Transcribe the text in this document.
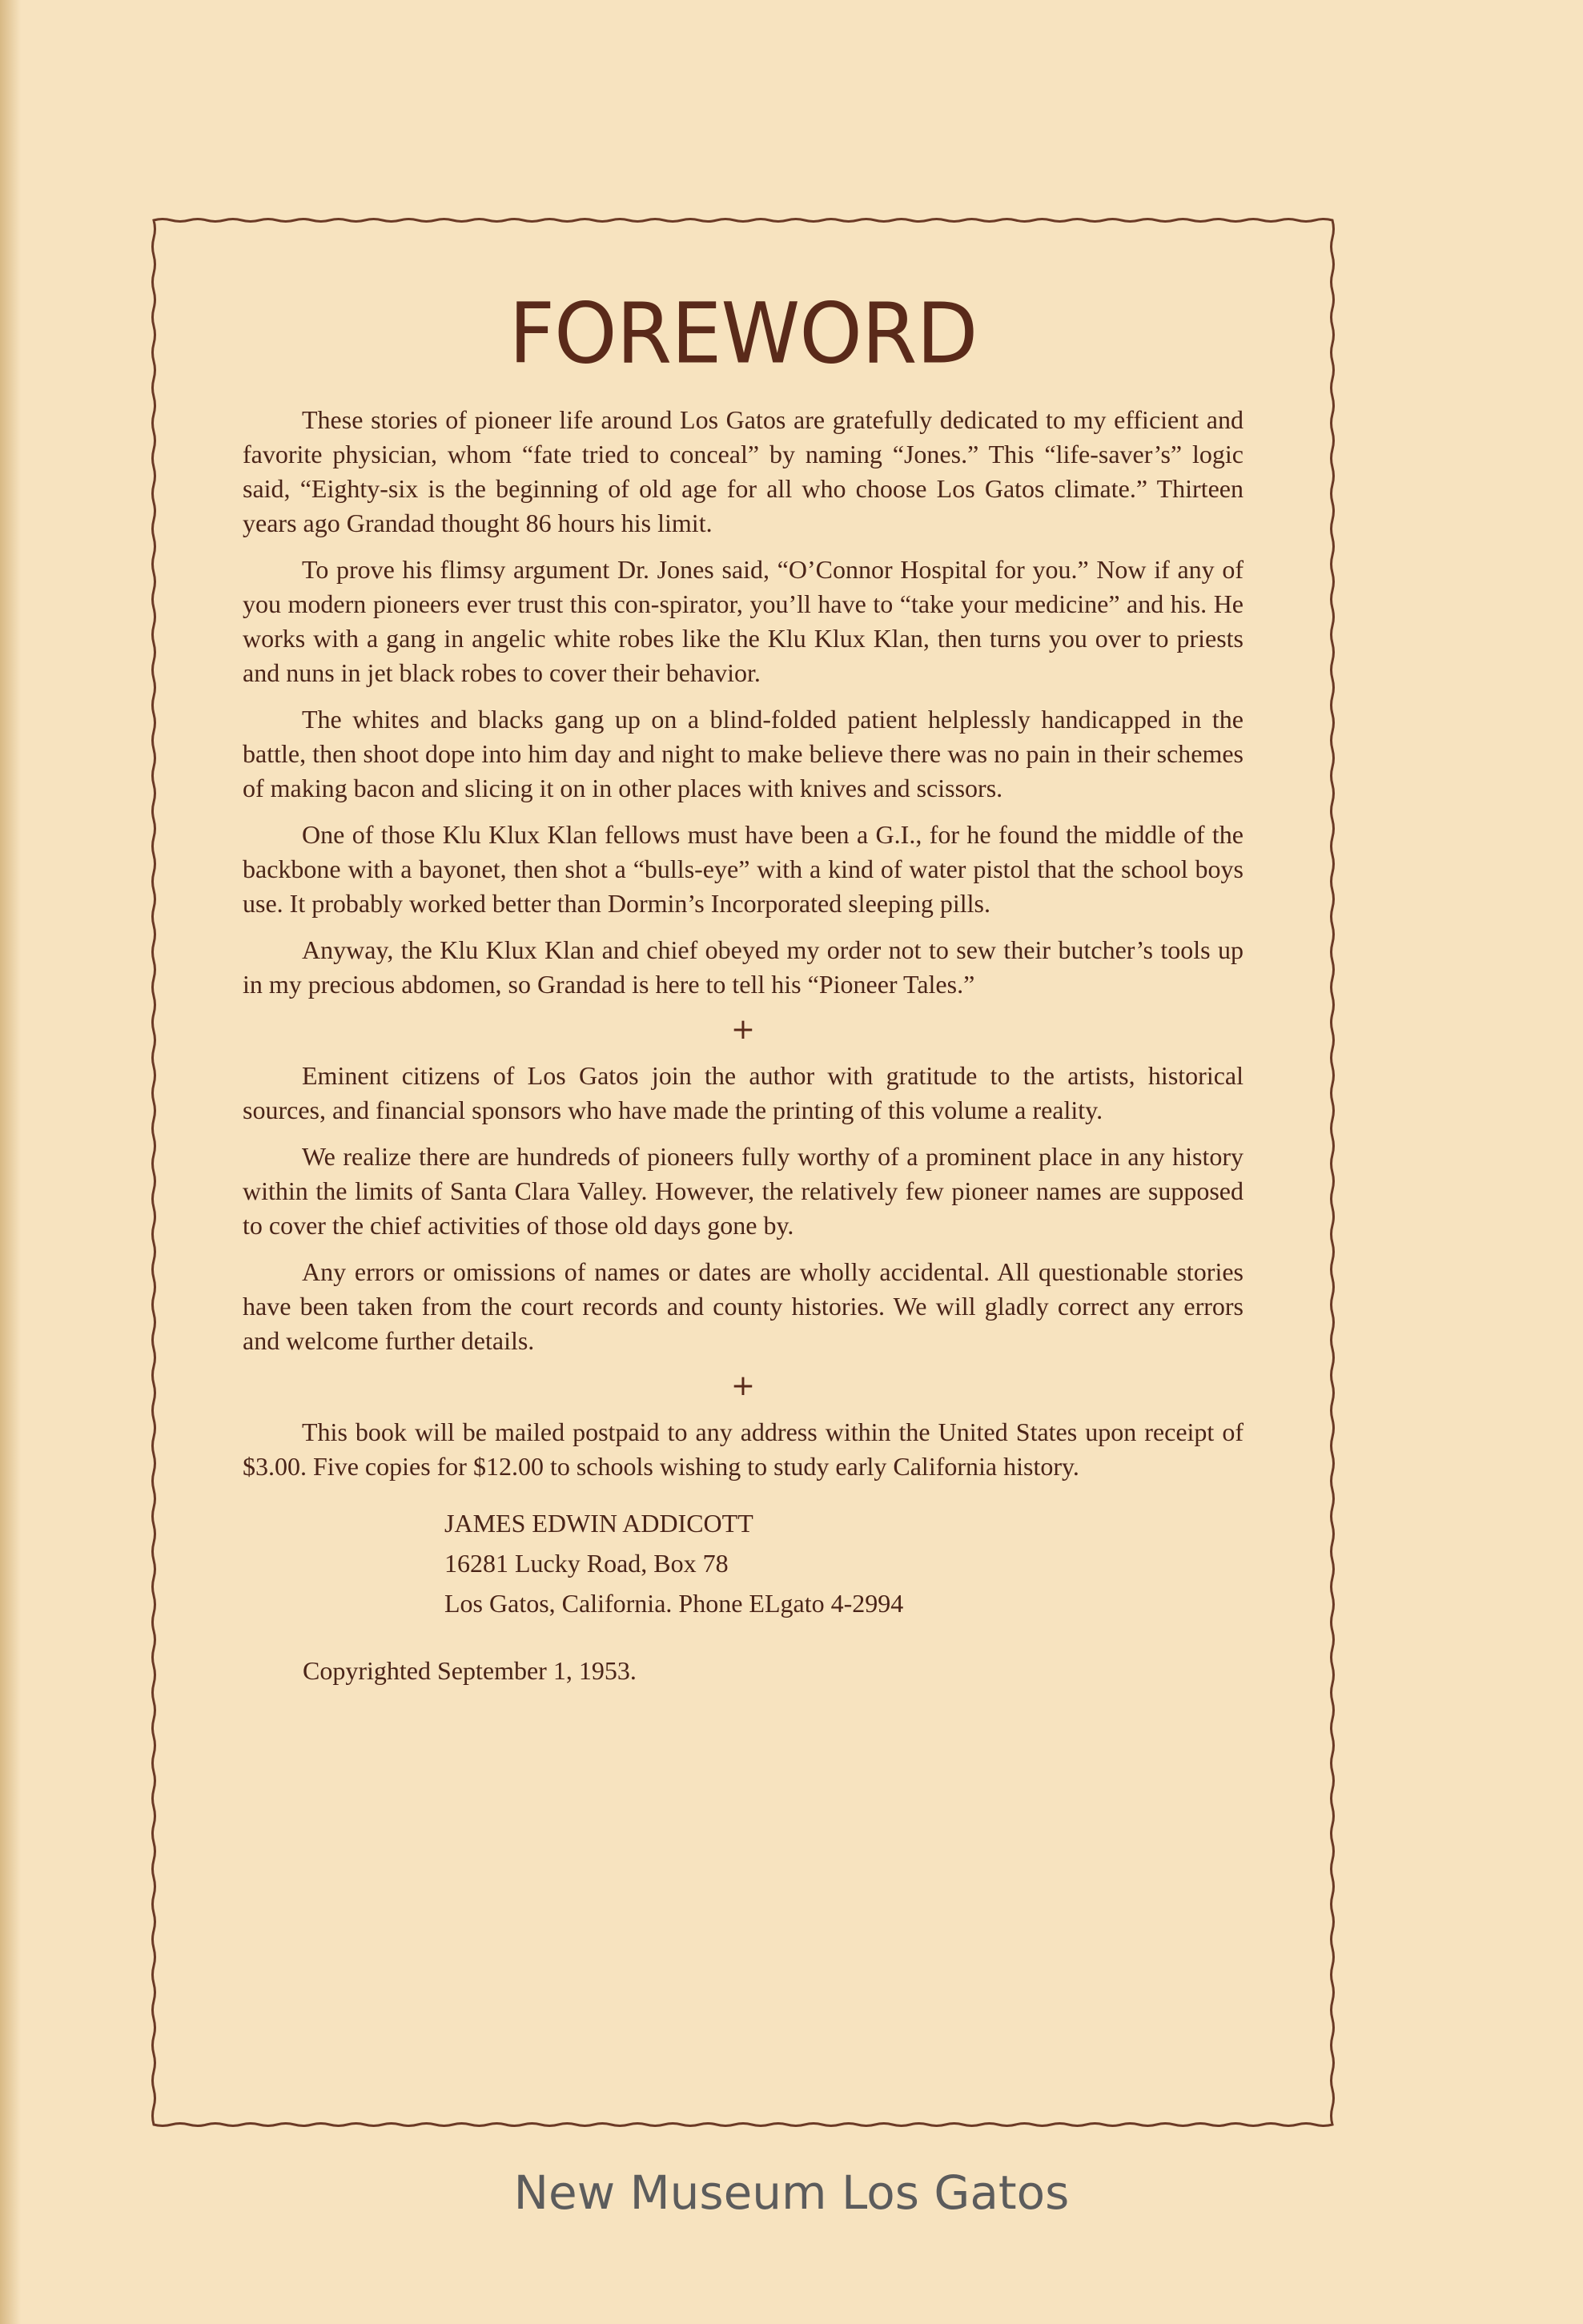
FOREWORD

These stories of pioneer life around Los Gatos are gratefully dedicated to my efficient and favorite physician, whom “fate tried to conceal” by naming “Jones.” This “life-saver’s” logic said, “Eighty-six is the beginning of old age for all who choose Los Gatos climate.” Thirteen years ago Grandad thought 86 hours his limit.

To prove his flimsy argument Dr. Jones said, “O’Connor Hospital for you.” Now if any of you modern pioneers ever trust this con-spirator, you’ll have to “take your medicine” and his. He works with a gang in angelic white robes like the Klu Klux Klan, then turns you over to priests and nuns in jet black robes to cover their behavior.

The whites and blacks gang up on a blind-folded patient helplessly handicapped in the battle, then shoot dope into him day and night to make believe there was no pain in their schemes of making bacon and slicing it on in other places with knives and scissors.

One of those Klu Klux Klan fellows must have been a G.I., for he found the middle of the backbone with a bayonet, then shot a “bulls-eye” with a kind of water pistol that the school boys use. It probably worked better than Dormin’s Incorporated sleeping pills.

Anyway, the Klu Klux Klan and chief obeyed my order not to sew their butcher’s tools up in my precious abdomen, so Grandad is here to tell his “Pioneer Tales.”

+

Eminent citizens of Los Gatos join the author with gratitude to the artists, historical sources, and financial sponsors who have made the printing of this volume a reality.

We realize there are hundreds of pioneers fully worthy of a prominent place in any history within the limits of Santa Clara Valley. However, the relatively few pioneer names are supposed to cover the chief activities of those old days gone by.

Any errors or omissions of names or dates are wholly accidental. All questionable stories have been taken from the court records and county histories. We will gladly correct any errors and welcome further details.

+

This book will be mailed postpaid to any address within the United States upon receipt of $3.00. Five copies for $12.00 to schools wishing to study early California history.

JAMES EDWIN ADDICOTT
16281 Lucky Road, Box 78
Los Gatos, California. Phone ELgato 4-2994
Copyrighted September 1, 1953.
New Museum Los Gatos
